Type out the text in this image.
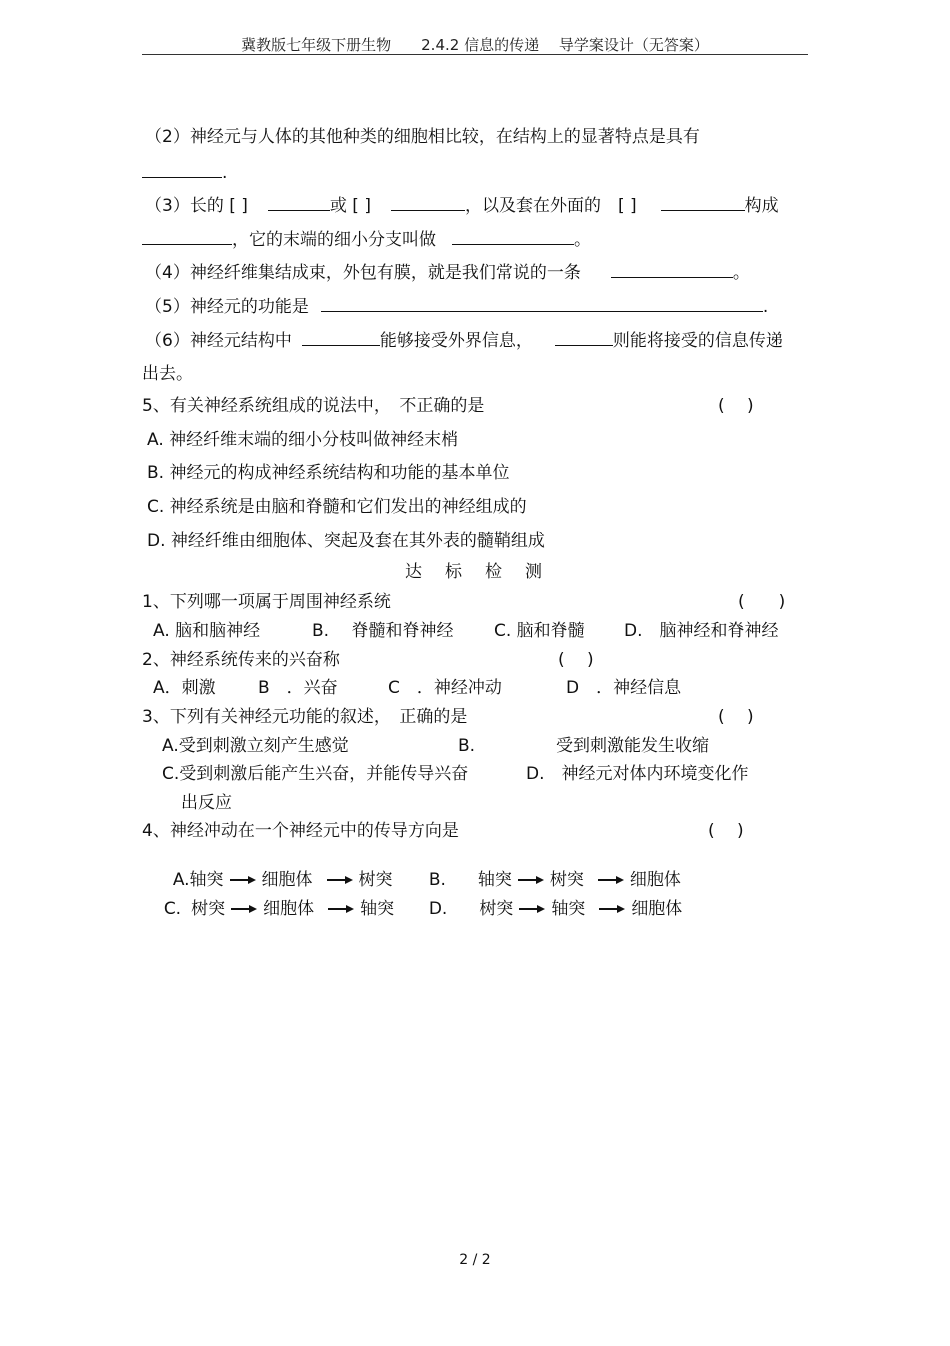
冀教版七年级下册生物　　2.4.2 信息的传递　 导学案设计（无答案）
（2）神经元与人体的其他种类的细胞相比较，在结构上的显著特点是具有
.
（3）长的 [ ]	或 [ ]	，以及套在外面的　[ ]	构成
，它的末端的细小分支叫做	。
（4）神经纤维集结成束，外包有膜，就是我们常说的一条	。
（5）神经元的功能是	.
（6）神经元结构中	能够接受外界信息，	则能将接受的信息传递
出去。
5、有关神经系统组成的说法中，　不正确的是	(　 )
A. 神经纤维末端的细小分枝叫做神经末梢
B. 神经元的构成神经系统结构和功能的基本单位
C. 神经系统是由脑和脊髓和它们发出的神经组成的
D. 神经纤维由细胞体、突起及套在其外表的髓鞘组成
达标检测
1、下列哪一项属于周围神经系统	(　　)
A. 脑和脑神经	B.　 脊髓和脊神经 C. 脑和脊髓 D.　脑神经和脊神经
2、神经系统传来的兴奋称	(　 )
A．刺激 B　．兴奋	C　．神经冲动	D　．神经信息
3、下列有关神经元功能的叙述，　正确的是	(　 )
A.受到刺激立刻产生感觉	B.	受到刺激能发生收缩
C.受到刺激后能产生兴奋，并能传导兴奋	D.　神经元对体内环境变化作
出反应
4、神经冲动在一个神经元中的传导方向是	(　 )

A.轴突 细胞体	树突	B. 轴突 树突	细胞体

C. 树突 细胞体	轴突	D. 树突 轴突	细胞体

2 / 2
